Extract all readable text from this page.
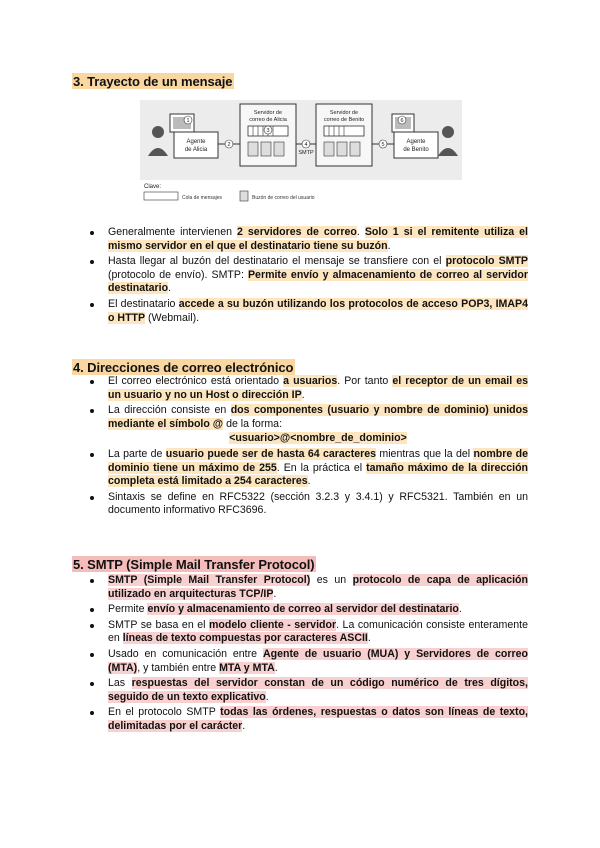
3. Trayecto de un mensaje
Agente
de Alicia
Servidor de
correo de Alicia
Servidor de
correo de Benito
Agente
de Benito
SMTP
1
2
3
4	5
6
Clave:
Cola de mensajes	Buzón de correo del usuario
Generalmente intervienen 2 servidores de correo. Solo 1 si el remitente utiliza el mismo servidor en el que el destinatario tiene su buzón.
Hasta llegar al buzón del destinatario el mensaje se transfiere con el protocolo SMTP (protocolo de envío). SMTP: Permite envío y almacenamiento de correo al servidor destinatario.
El destinatario accede a su buzón utilizando los protocolos de acceso POP3, IMAP4 o HTTP (Webmail).
4. Direcciones de correo electrónico
El correo electrónico está orientado a usuarios. Por tanto el receptor de un email es un usuario y no un Host o dirección IP.
La dirección consiste en dos componentes (usuario y nombre de dominio) unidos mediante el símbolo @ de la forma:
<usuario>@<nombre_de_dominio>
La parte de usuario puede ser de hasta 64 caracteres mientras que la del nombre de dominio tiene un máximo de 255. En la práctica el tamaño máximo de la dirección completa está limitado a 254 caracteres.
Sintaxis se define en RFC5322 (sección 3.2.3 y 3.4.1) y RFC5321. También en un documento informativo RFC3696.
5. SMTP (Simple Mail Transfer Protocol)
SMTP (Simple Mail Transfer Protocol) es un protocolo de capa de aplicación utilizado en arquitecturas TCP/IP.
Permite envío y almacenamiento de correo al servidor del destinatario.
SMTP se basa en el modelo cliente - servidor. La comunicación consiste enteramente en líneas de texto compuestas por caracteres ASCII.
Usado en comunicación entre Agente de usuario (MUA) y Servidores de correo (MTA), y también entre MTA y MTA.
Las respuestas del servidor constan de un código numérico de tres dígitos, seguido de un texto explicativo.
En el protocolo SMTP todas las órdenes, respuestas o datos son líneas de texto, delimitadas por el carácter.
